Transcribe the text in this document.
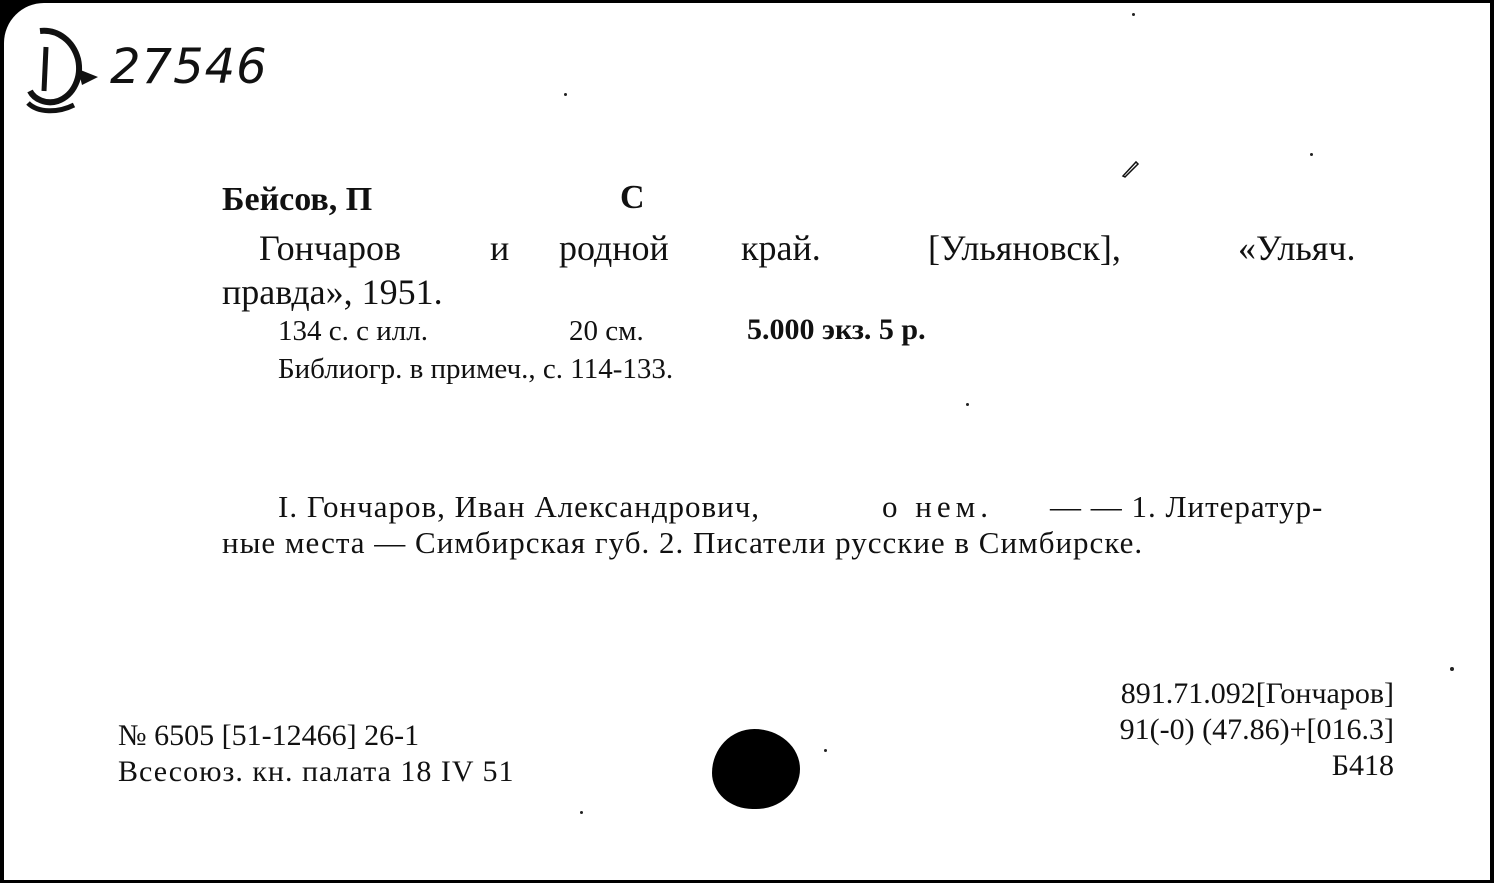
27546
Бейсов, П	С
Гончаров и родной край.	[Ульяновск],	«Ульяч.
правда», 1951.
134 с. с илл.	20 см.	5.000 экз. 5 р.
Библиогр. в примеч., с. 114-133.
I. Гончаров, Иван Александрович,	о нем. — — 1. Литератур-
ные места — Симбирская губ. 2. Писатели русские в Симбирске.
№ 6505 [51-12466] 26-1
Всесоюз. кн. палата 18 IV 51
891.71.092[Гончаров]
91(-0) (47.86)+[016.3]
Б418
